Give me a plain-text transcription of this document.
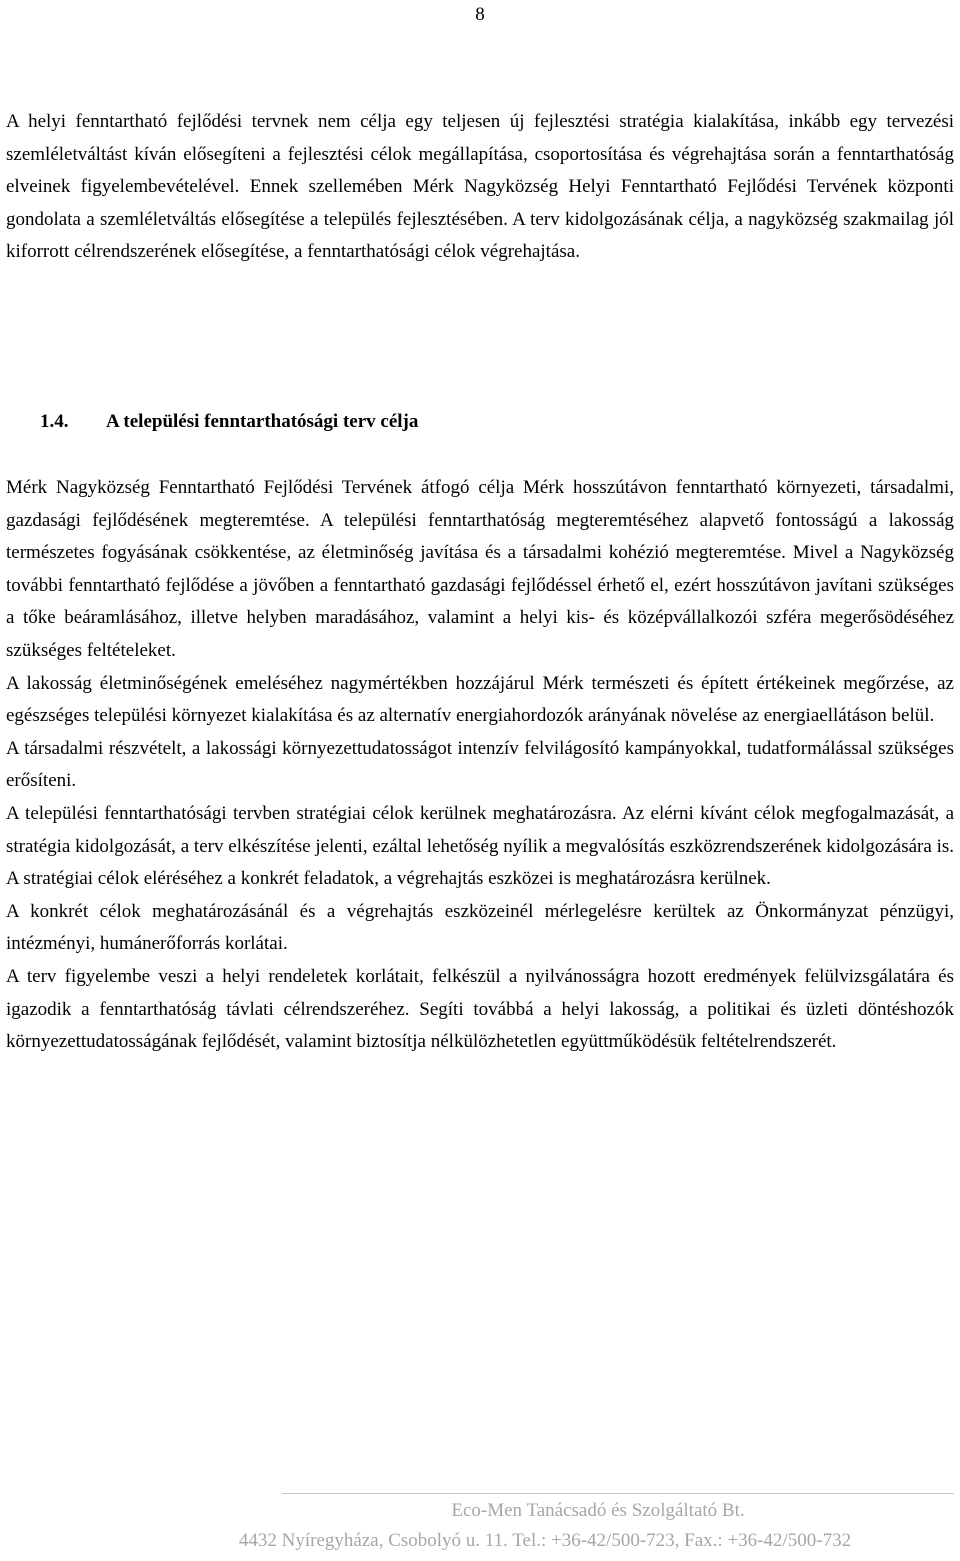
8

A helyi fenntartható fejlődési tervnek nem célja egy teljesen új fejlesztési stratégia kialakítása, inkább egy tervezési szemléletváltást kíván elősegíteni a fejlesztési célok megállapítása, csoportosítása és végrehajtása során a fenntarthatóság elveinek figyelembevételével. Ennek szellemében Mérk Nagyközség Helyi Fenntartható Fejlődési Tervének központi gondolata a szemléletváltás elősegítése a település fejlesztésében. A terv kidolgozásának célja, a nagyközség szakmailag jól kiforrott célrendszerének elősegítése, a fenntarthatósági célok végrehajtása.

1.4. A települési fenntarthatósági terv célja

Mérk Nagyközség Fenntartható Fejlődési Tervének átfogó célja Mérk hosszútávon fenntartható környezeti, társadalmi, gazdasági fejlődésének megteremtése. A települési fenntarthatóság megteremtéséhez alapvető fontosságú a lakosság természetes fogyásának csökkentése, az életminőség javítása és a társadalmi kohézió megteremtése. Mivel a Nagyközség további fenntartható fejlődése a jövőben a fenntartható gazdasági fejlődéssel érhető el, ezért hosszútávon javítani szükséges a tőke beáramlásához, illetve helyben maradásához, valamint a helyi kis- és középvállalkozói szféra megerősödéséhez szükséges feltételeket.

A lakosság életminőségének emeléséhez nagymértékben hozzájárul Mérk természeti és épített értékeinek megőrzése, az egészséges települési környezet kialakítása és az alternatív energiahordozók arányának növelése az energiaellátáson belül.

A társadalmi részvételt, a lakossági környezettudatosságot intenzív felvilágosító kampányokkal, tudatformálással szükséges erősíteni.

A települési fenntarthatósági tervben stratégiai célok kerülnek meghatározásra. Az elérni kívánt célok megfogalmazását, a stratégia kidolgozását, a terv elkészítése jelenti, ezáltal lehetőség nyílik a megvalósítás eszközrendszerének kidolgozására is. A stratégiai célok eléréséhez a konkrét feladatok, a végrehajtás eszközei is meghatározásra kerülnek.

A konkrét célok meghatározásánál és a végrehajtás eszközeinél mérlegelésre kerültek az Önkormányzat pénzügyi, intézményi, humánerőforrás korlátai.

A terv figyelembe veszi a helyi rendeletek korlátait, felkészül a nyilvánosságra hozott eredmények felülvizsgálatára és igazodik a fenntarthatóság távlati célrendszeréhez. Segíti továbbá a helyi lakosság, a politikai és üzleti döntéshozók környezettudatosságának fejlődését, valamint biztosítja nélkülözhetetlen együttműködésük feltételrendszerét.

Eco-Men Tanácsadó és Szolgáltató Bt.
4432 Nyíregyháza, Csobolyó u. 11. Tel.: +36-42/500-723, Fax.: +36-42/500-732
